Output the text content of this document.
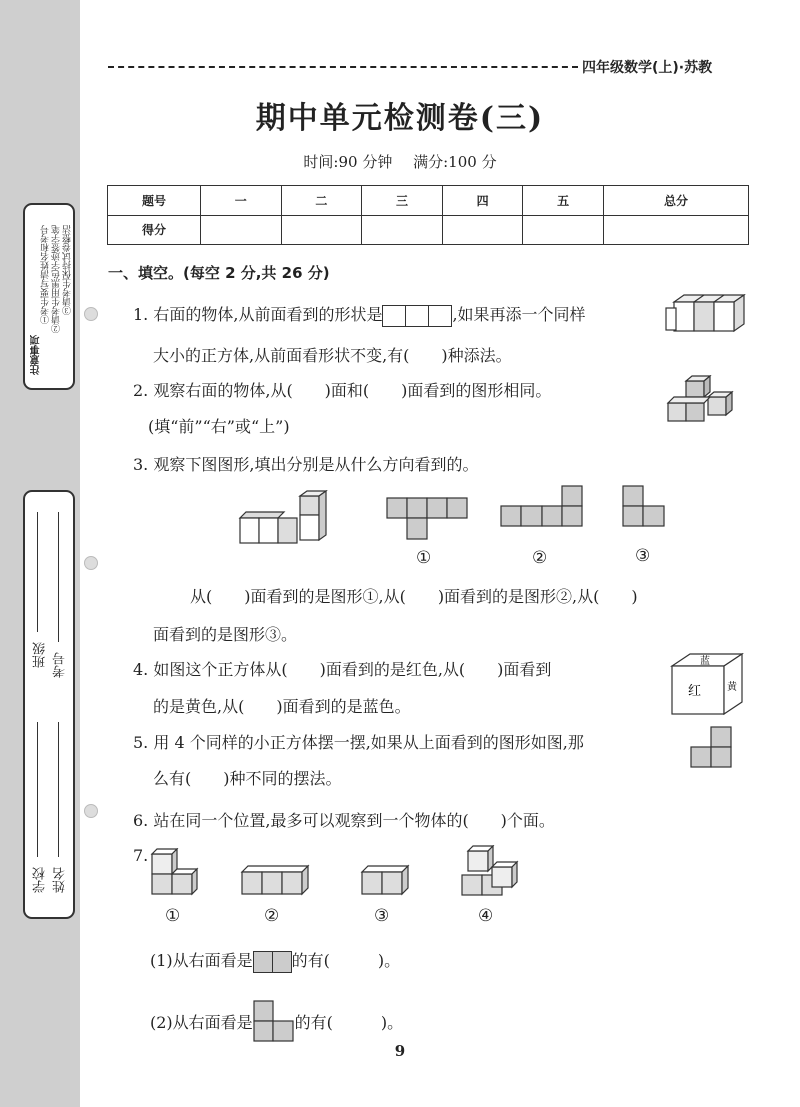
注意事项
①考生要写清姓名和考号 ②请考生用黑色字迹签字笔 ③请考生保持试卷整洁
班级 考号
学校 姓名
四年级数学(上)·苏教
期中单元检测卷(三)
时间:90 分钟 满分:100 分
题号	一	二	三	四	五	总分
得分						
一、填空。(每空 2 分,共 26 分)
1. 右面的物体,从前面看到的形状是	,如果再添一个同样
大小的正方体,从前面看形状不变,有(　　)种添法。
2. 观察右面的物体,从(　　)面和(　　)面看到的图形相同。
(填“前”“右”或“上”)
3. 观察下图图形,填出分别是从什么方向看到的。
①	②	③
从(　　)面看到的是图形①,从(　　)面看到的是图形②,从(　　)
面看到的是图形③。
4. 如图这个正方体从(　　)面看到的是红色,从(　　)面看到
的是黄色,从(　　)面看到的是蓝色。
蓝
红	黄
5. 用 4 个同样的小正方体摆一摆,如果从上面看到的图形如图,那
么有(　　)种不同的摆法。
6. 站在同一个位置,最多可以观察到一个物体的(　　)个面。
7.
①	②	③	④
(1)从右面看是 的有(　　　)。
(2)从右面看是	的有(　　　)。
9
